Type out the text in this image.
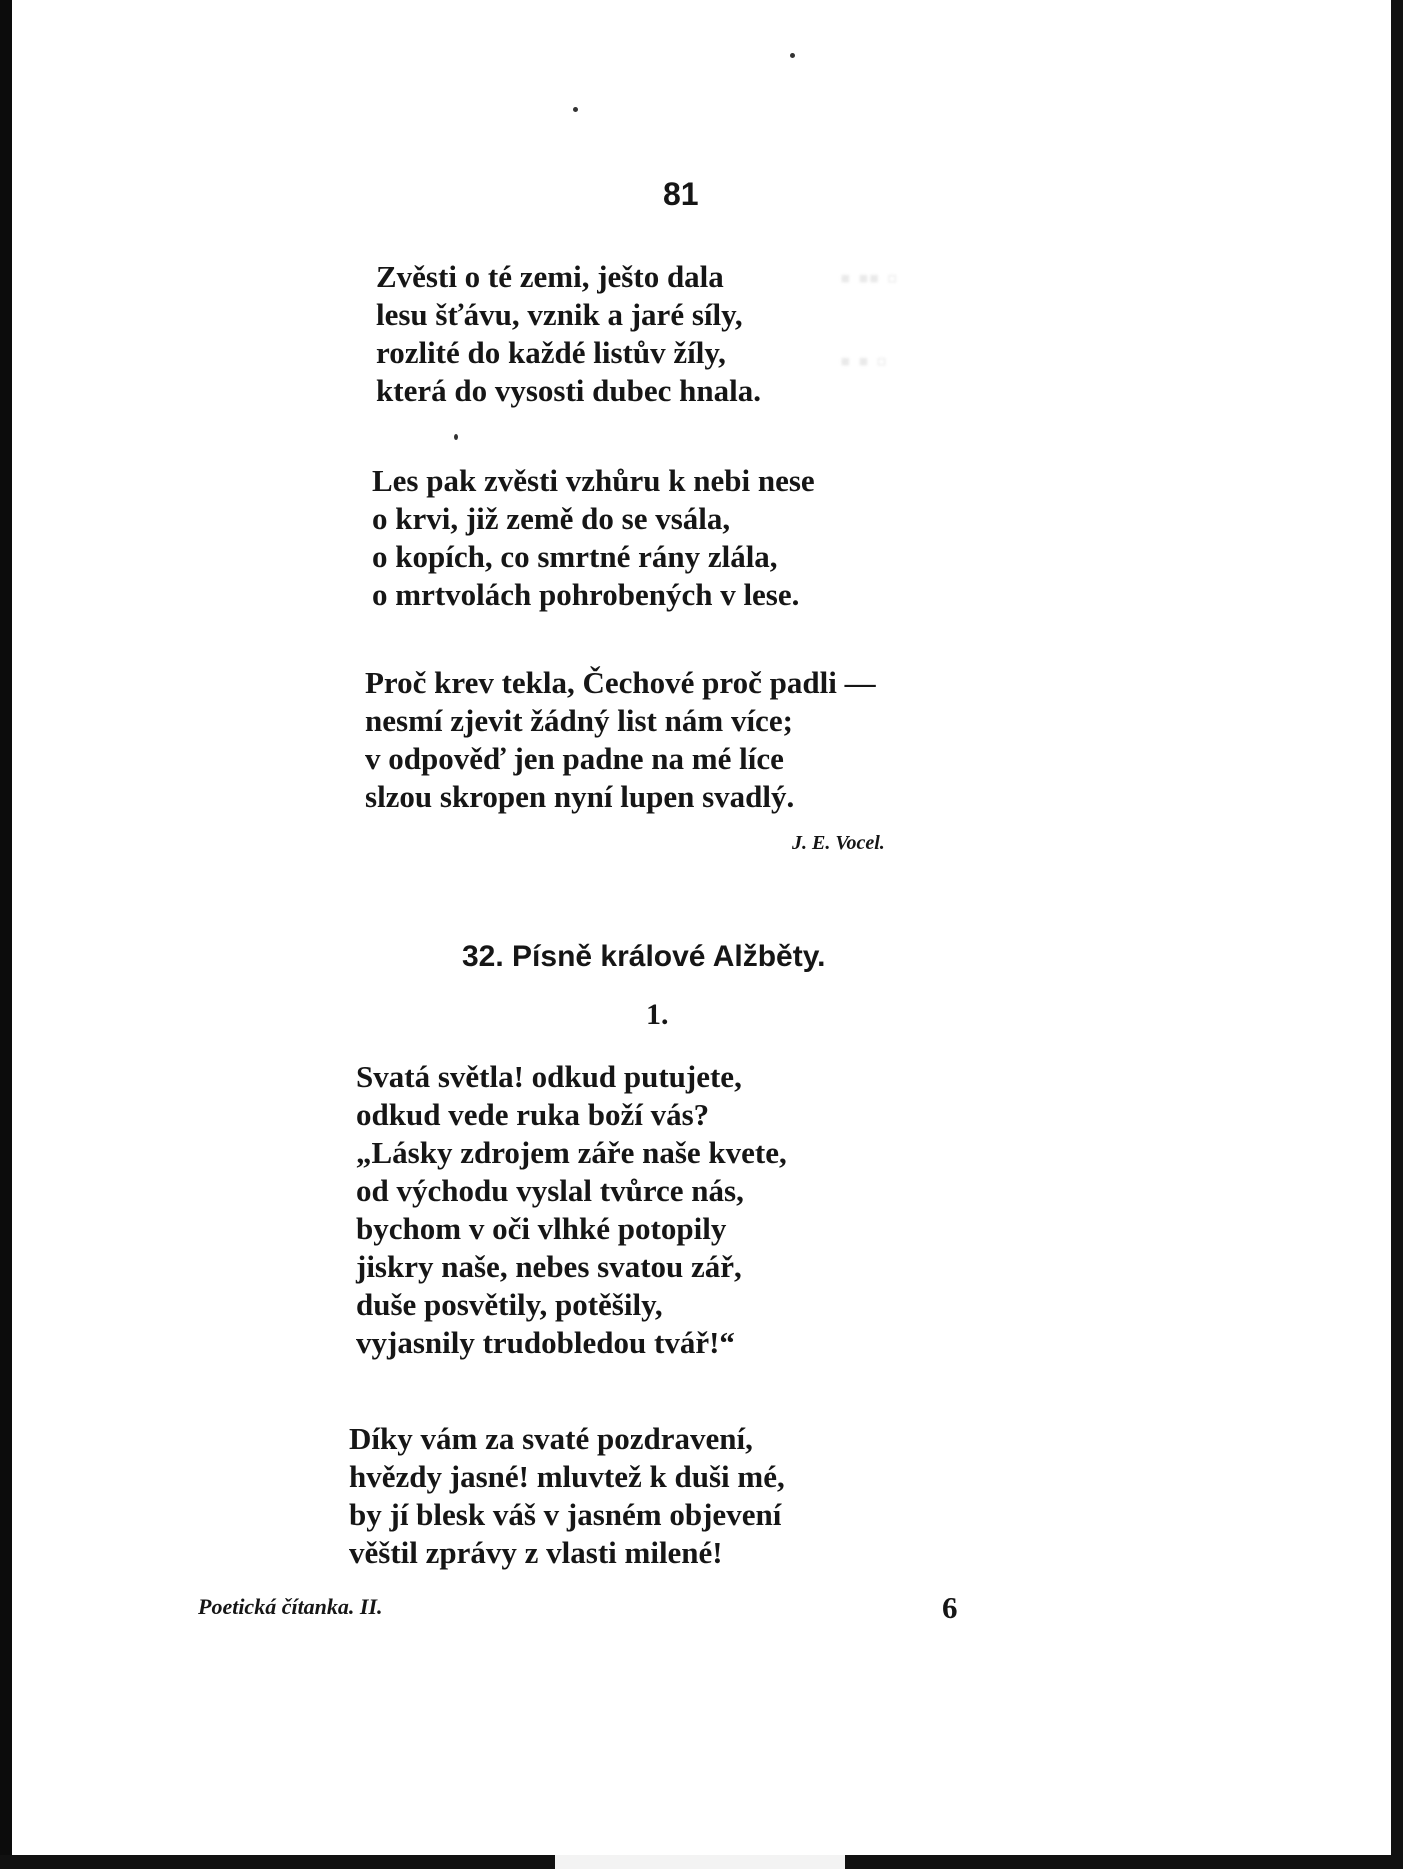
▪ ▪▪ ▫
▪ ▪ ▫
81
Zvěsti o té zemi, ješto dala
lesu šťávu, vznik a jaré síly,
rozlité do každé listův žíly,
která do vysosti dubec hnala.
Les pak zvěsti vzhůru k nebi nese
o krvi, již země do se vsála,
o kopích, co smrtné rány zlála,
o mrtvolách pohrobených v lese.
Proč krev tekla, Čechové proč padli —
nesmí zjevit žádný list nám více;
v odpověď jen padne na mé líce
slzou skropen nyní lupen svadlý.
J. E. Vocel.
32. Písně králové Alžběty.
1.
Svatá světla! odkud putujete,
odkud vede ruka boží vás?
„Lásky zdrojem záře naše kvete,
od východu vyslal tvůrce nás,
bychom v oči vlhké potopily
jiskry naše, nebes svatou zář,
duše posvětily, potěšily,
vyjasnily trudobledou tvář!“
Díky vám za svaté pozdravení,
hvězdy jasné! mluvtež k duši mé,
by jí blesk váš v jasném objevení
věštil zprávy z vlasti milené!
Poetická čítanka. II.	6
